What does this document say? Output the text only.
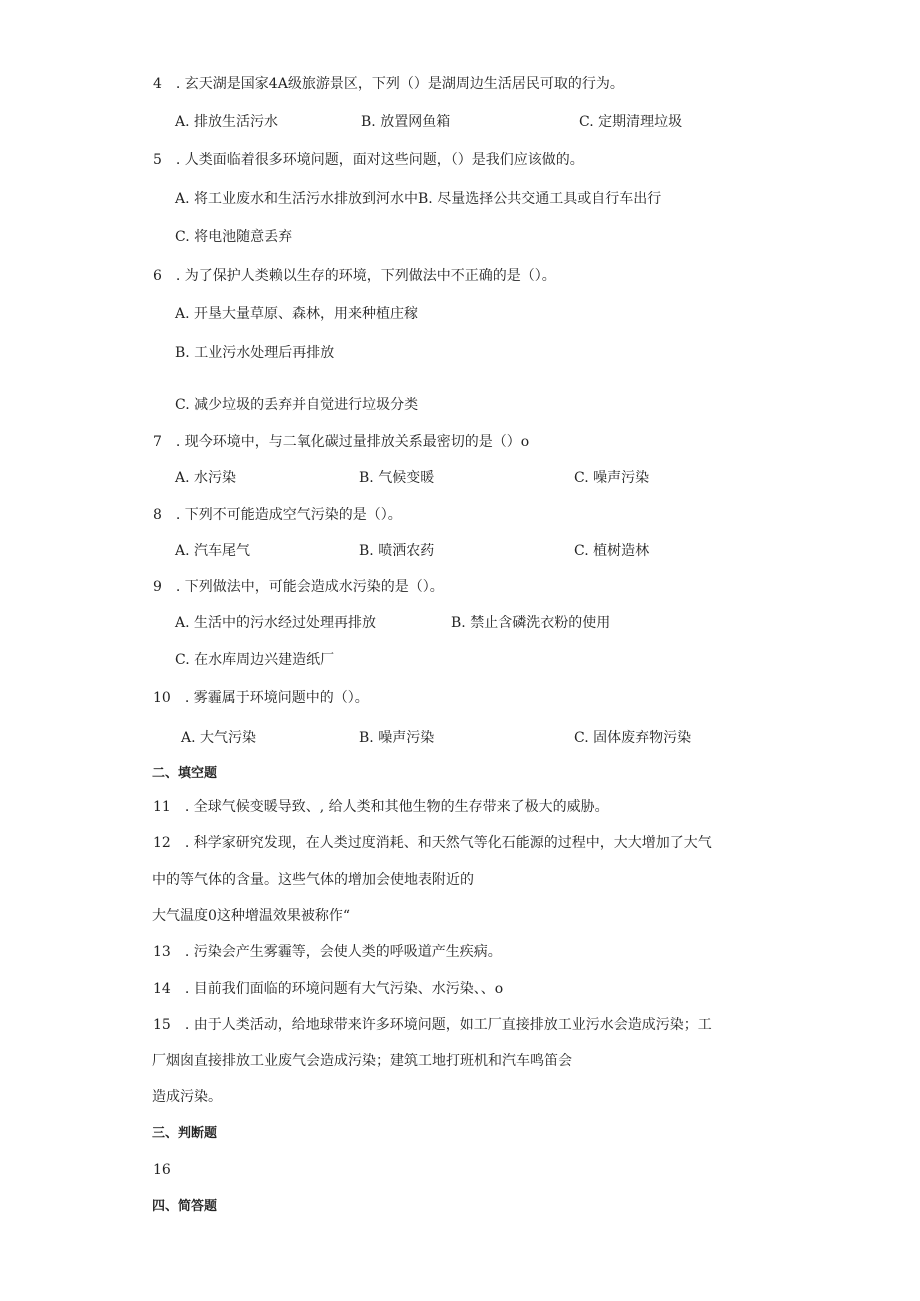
4　. 玄天湖是国家4A级旅游景区，下列（）是湖周边生活居民可取的行为。
A. 排放生活污水	B. 放置网鱼箱	C. 定期清理垃圾
5　. 人类面临着很多环境问题，面对这些问题，（）是我们应该做的。
A. 将工业废水和生活污水排放到河水中B. 尽量选择公共交通工具或自行车出行
C. 将电池随意丢弃
6　. 为了保护人类赖以生存的环境，下列做法中不正确的是（）。
A. 开垦大量草原、森林，用来种植庄稼
B. 工业污水处理后再排放
C. 减少垃圾的丢弃并自觉进行垃圾分类
7　. 现今环境中，与二氧化碳过量排放关系最密切的是（）o
A. 水污染	B. 气候变暖	C. 噪声污染
8　. 下列不可能造成空气污染的是（）。
A. 汽车尾气	B. 喷洒农药	C. 植树造林
9　. 下列做法中，可能会造成水污染的是（）。
A. 生活中的污水经过处理再排放	B. 禁止含磷洗衣粉的使用
C. 在水库周边兴建造纸厂
10　. 雾霾属于环境问题中的（）。
A. 大气污染	B. 噪声污染	C. 固体废弃物污染
二、填空题
11　. 全球气候变暖导致、, 给人类和其他生物的生存带来了极大的威胁。
12　. 科学家研究发现，在人类过度消耗、和天然气等化石能源的过程中，大大增加了大气
中的等气体的含量。这些气体的增加会使地表附近的
大气温度0这种增温效果被称作“
13　. 污染会产生雾霾等，会使人类的呼吸道产生疾病。
14　. 目前我们面临的环境问题有大气污染、水污染、、o
15　. 由于人类活动，给地球带来许多环境问题，如工厂直接排放工业污水会造成污染；工
厂烟囱直接排放工业废气会造成污染；建筑工地打班机和汽车鸣笛会
造成污染。
三、判断题
16
四、简答题
